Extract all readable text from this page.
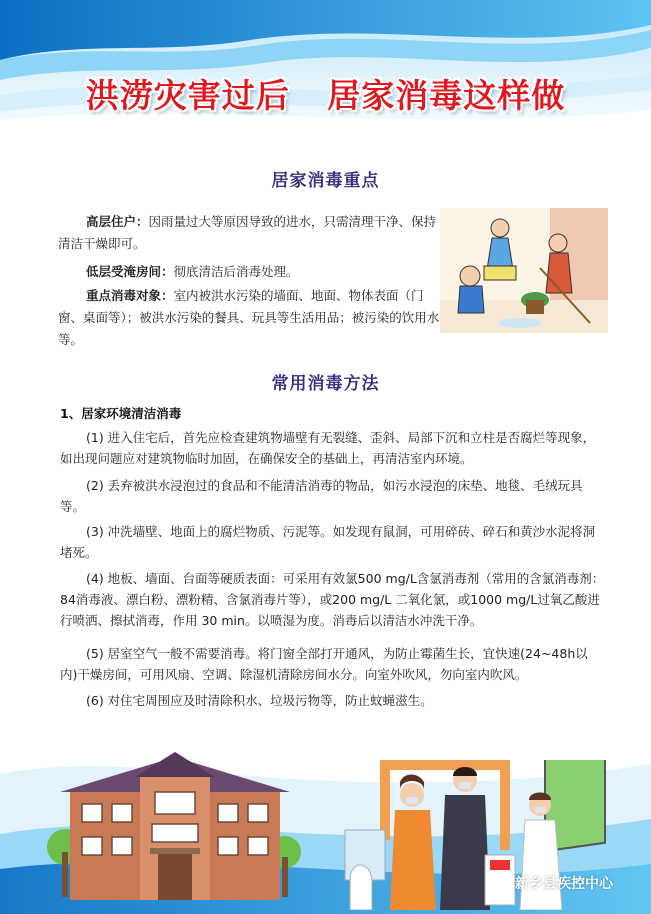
洪涝灾害过后   居家消毒这样做
居家消毒重点
高层住户：因雨量过大等原因导致的进水，只需清理干净、保持清洁干燥即可。
低层受淹房间：彻底清洁后消毒处理。
重点消毒对象：室内被洪水污染的墙面、地面、物体表面（门窗、桌面等）；被洪水污染的餐具、玩具等生活用品；被污染的饮用水等。
常用消毒方法
1、居家环境清洁消毒
(1) 进入住宅后，首先应检查建筑物墙壁有无裂缝、歪斜、局部下沉和立柱是否腐烂等现象，如出现问题应对建筑物临时加固，在确保安全的基础上，再清洁室内环境。
(2) 丢弃被洪水浸泡过的食品和不能清洁消毒的物品，如污水浸泡的床垫、地毯、毛绒玩具等。
(3) 冲洗墙壁、地面上的腐烂物质、污泥等。如发现有鼠洞，可用碎砖、碎石和黄沙水泥将洞堵死。
(4) 地板、墙面、台面等硬质表面：可采用有效氯500 mg/L含氯消毒剂（常用的含氯消毒剂：84消毒液、漂白粉、漂粉精、含氯消毒片等），或200 mg/L 二氧化氯，或1000 mg/L过氧乙酸进行喷洒、擦拭消毒，作用 30 min。以喷湿为度。消毒后以清洁水冲洗干净。
(5) 居室空气一般不需要消毒。将门窗全部打开通风，为防止霉菌生长，宜快速(24~48h以内)干燥房间，可用风扇、空调、除湿机清除房间水分。向室外吹风，勿向室内吹风。
(6) 对住宅周围应及时清除积水、垃圾污物等，防止蚊蝇滋生。
新乡县疾控中心
